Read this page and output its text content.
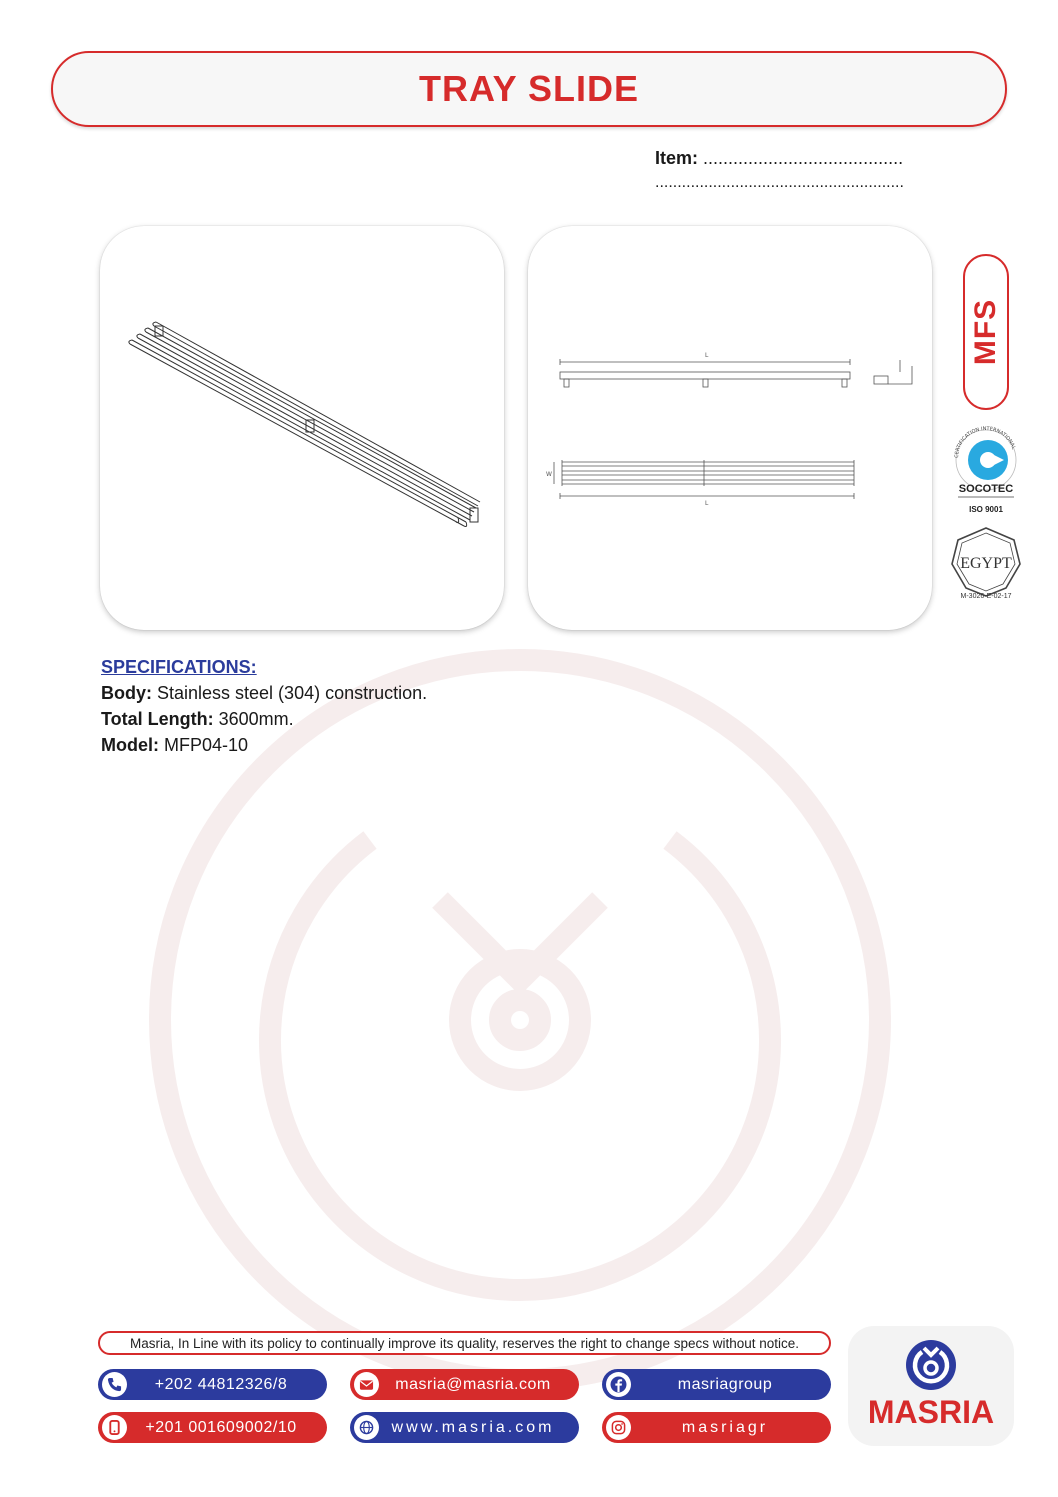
TRAY SLIDE
Item: ........................................
........................................................
L
L
W
MFS
CERTIFICATION INTERNATIONAL
SOCOTEC
ISO 9001
EGYPT
M-3026-E-02-17
SPECIFICATIONS:
Body: Stainless steel (304) construction.
Total Length: 3600mm.
Model: MFP04-10
Masria, In Line with its policy to continually improve its quality, reserves the right to change specs without notice.
+202 44812326/8
+201 001609002/10
masria@masria.com
www.masria.com
masriagroup
masriagr	MASRIA
